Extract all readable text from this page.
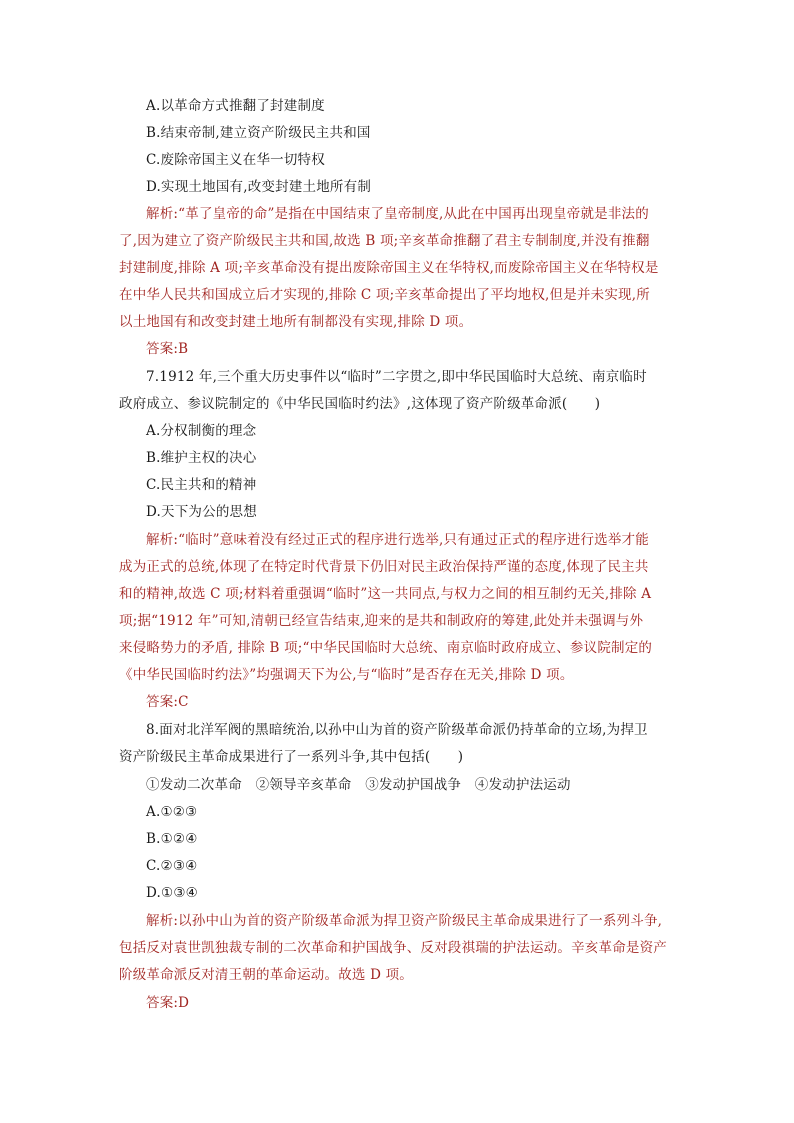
A.以革命方式推翻了封建制度
B.结束帝制,建立资产阶级民主共和国
C.废除帝国主义在华一切特权
D.实现土地国有,改变封建土地所有制
解析:“革了皇帝的命”是指在中国结束了皇帝制度,从此在中国再出现皇帝就是非法的
了,因为建立了资产阶级民主共和国,故选 B 项;辛亥革命推翻了君主专制制度,并没有推翻
封建制度,排除 A 项;辛亥革命没有提出废除帝国主义在华特权,而废除帝国主义在华特权是
在中华人民共和国成立后才实现的,排除 C 项;辛亥革命提出了平均地权,但是并未实现,所
以土地国有和改变封建土地所有制都没有实现,排除 D 项。
答案:B
7.1912 年,三个重大历史事件以“临时”二字贯之,即中华民国临时大总统、南京临时
政府成立、参议院制定的《中华民国临时约法》,这体现了资产阶级革命派(　　)
A.分权制衡的理念
B.维护主权的决心
C.民主共和的精神
D.天下为公的思想
解析:“临时”意味着没有经过正式的程序进行选举,只有通过正式的程序进行选举才能
成为正式的总统,体现了在特定时代背景下仍旧对民主政治保持严谨的态度,体现了民主共
和的精神,故选 C 项;材料着重强调“临时”这一共同点,与权力之间的相互制约无关,排除 A
项;据“1912 年”可知,清朝已经宣告结束,迎来的是共和制政府的筹建,此处并未强调与外
来侵略势力的矛盾, 排除 B 项;“中华民国临时大总统、南京临时政府成立、参议院制定的
《中华民国临时约法》”均强调天下为公,与“临时”是否存在无关,排除 D 项。
答案:C
8.面对北洋军阀的黑暗统治,以孙中山为首的资产阶级革命派仍持革命的立场,为捍卫
资产阶级民主革命成果进行了一系列斗争,其中包括(　　)
①发动二次革命　②领导辛亥革命　③发动护国战争　④发动护法运动
A.①②③
B.①②④
C.②③④
D.①③④
解析:以孙中山为首的资产阶级革命派为捍卫资产阶级民主革命成果进行了一系列斗争,
包括反对袁世凯独裁专制的二次革命和护国战争、反对段祺瑞的护法运动。辛亥革命是资产
阶级革命派反对清王朝的革命运动。故选 D 项。
答案:D
